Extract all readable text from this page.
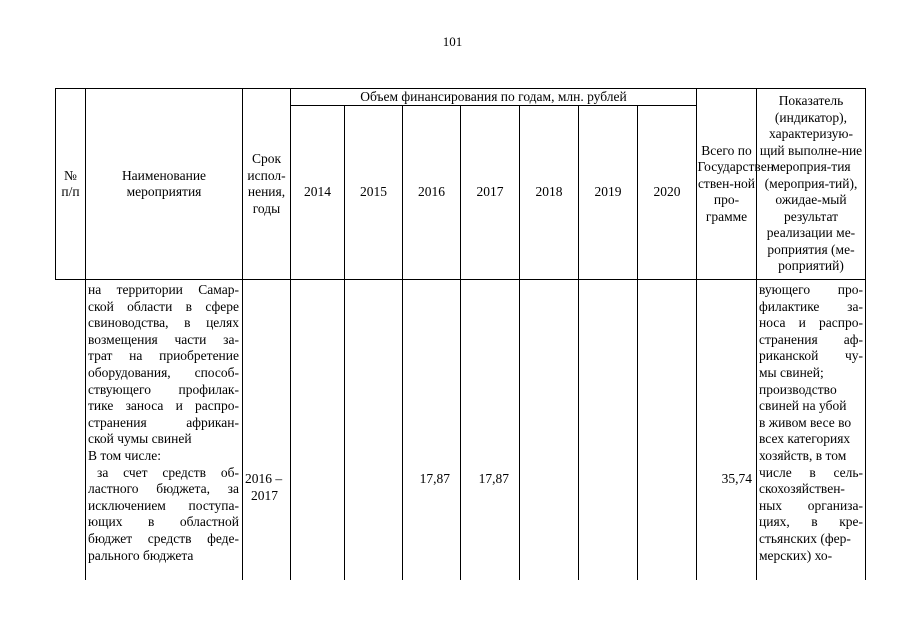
101
№ п/п
Наименование мероприятия
Срок испол-нения, годы
Объем финансирования по годам, млн. рублей
2014 2015 2016 2017 2018 2019 2020
Всего по Государствен ствен-ной про-грамме
Показатель (индикатор), характеризую-щий выполне-ние мероприя-тия (мероприя-тий), ожидае-мый результат реализации ме-роприятия (ме-роприятий)
на территории Самар-
ской области в сфере
свиноводства, в целях
возмещения части за-
трат на приобретение
оборудования, способ-
ствующего профилак-
тике заноса и распро-
странения африкан-
ской чумы свиней
В том числе:
за счет средств об-
ластного бюджета, за
исключением поступа-
ющих в областной
бюджет средств феде-
рального бюджета
2016 –
2017
17,87	17,87	35,74
вующего про-
филактике за-
носа и распро-
странения аф-
риканской чу-
мы свиней;
производство
свиней на убой
в живом весе во
всех категориях
хозяйств, в том
числе в сель-
скохозяйствен-
ных организа-
циях, в кре-
стьянских (фер-
мерских) хо-
